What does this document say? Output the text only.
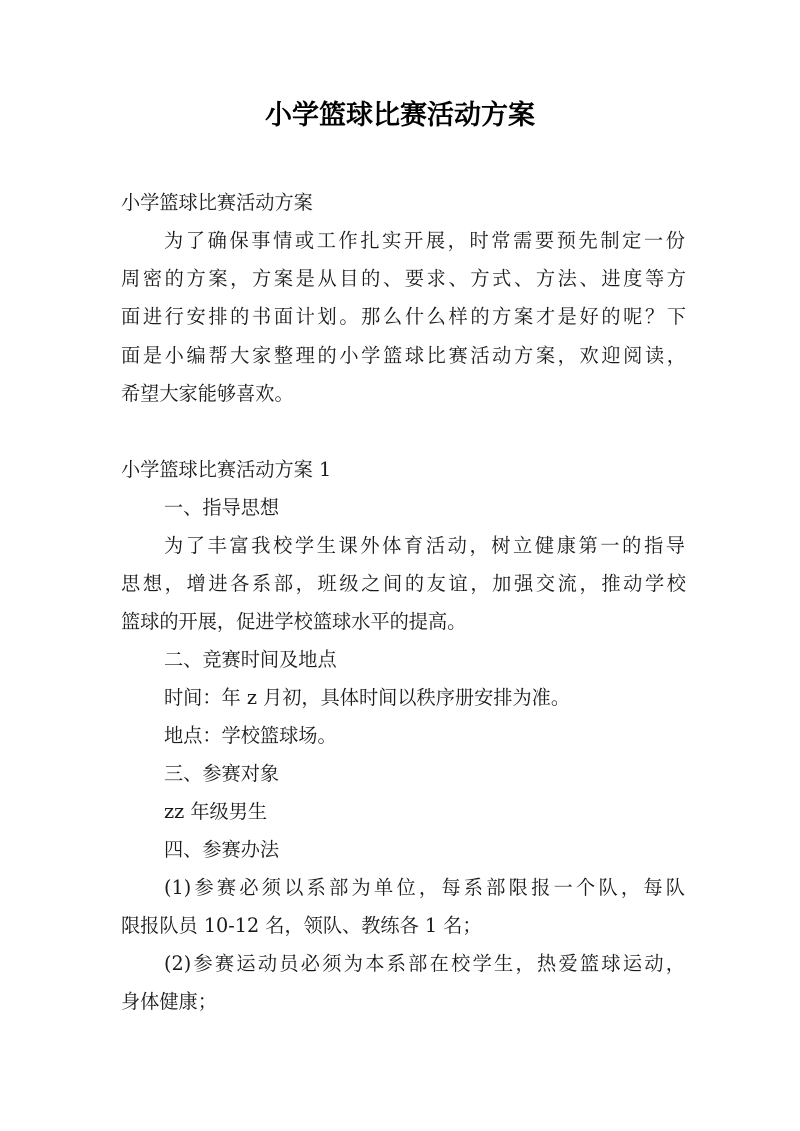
小学篮球比赛活动方案
小学篮球比赛活动方案
为了确保事情或工作扎实开展，时常需要预先制定一份
周密的方案，方案是从目的、要求、方式、方法、进度等方
面进行安排的书面计划。那么什么样的方案才是好的呢？下
面是小编帮大家整理的小学篮球比赛活动方案，欢迎阅读，
希望大家能够喜欢。
小学篮球比赛活动方案 1
一、指导思想
为了丰富我校学生课外体育活动，树立健康第一的指导
思想，增进各系部，班级之间的友谊，加强交流，推动学校
篮球的开展，促进学校篮球水平的提高。
二、竞赛时间及地点
时间：年 z 月初，具体时间以秩序册安排为准。
地点：学校篮球场。
三、参赛对象
zz 年级男生
四、参赛办法
(1)参赛必须以系部为单位，每系部限报一个队，每队
限报队员 10-12 名，领队、教练各 1 名；
(2)参赛运动员必须为本系部在校学生，热爱篮球运动，
身体健康；
